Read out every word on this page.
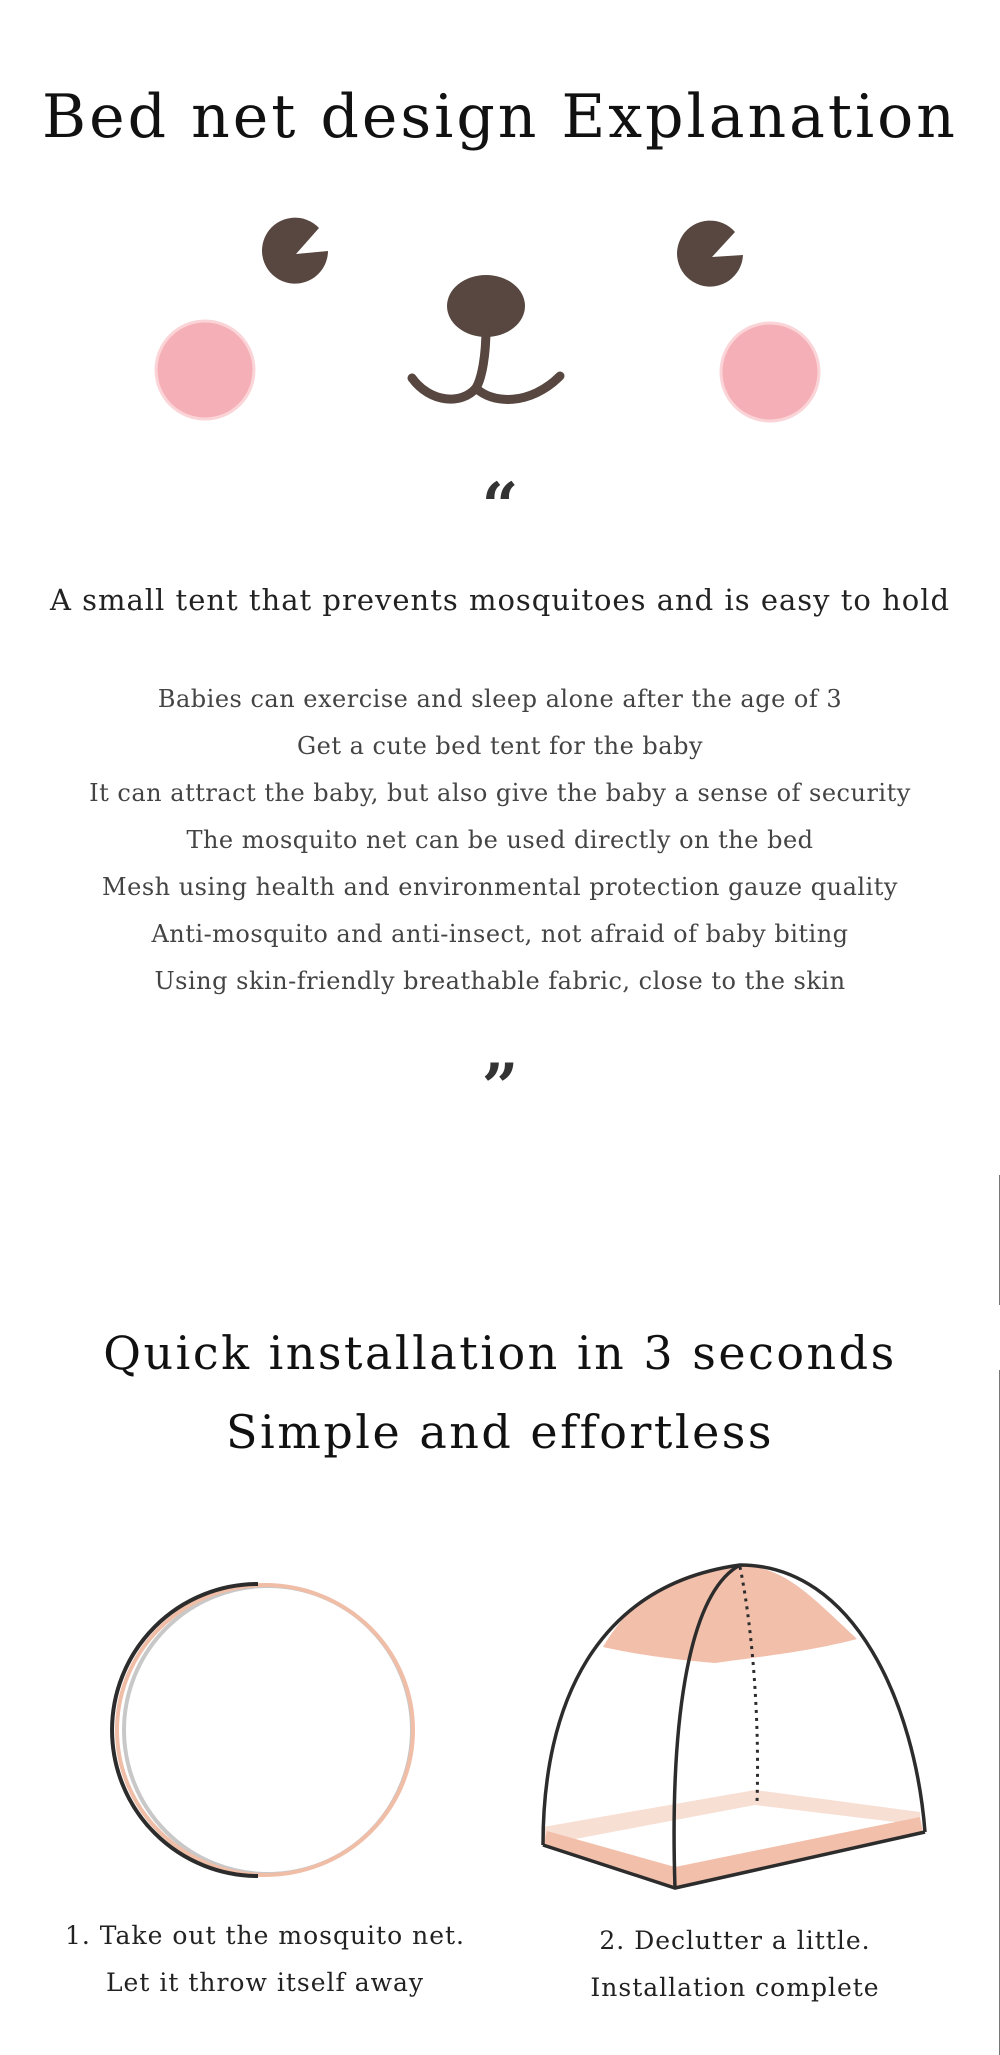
Bed net design Explanation
“
A small tent that prevents mosquitoes and is easy to hold
Babies can exercise and sleep alone after the age of 3
Get a cute bed tent for the baby
It can attract the baby, but also give the baby a sense of security
The mosquito net can be used directly on the bed
Mesh using health and environmental protection gauze quality
Anti-mosquito and anti-insect, not afraid of baby biting
Using skin-friendly breathable fabric, close to the skin
”
Quick installation in 3 seconds
Simple and effortless
1. Take out the mosquito net.
Let it throw itself away
2. Declutter a little.
Installation complete
